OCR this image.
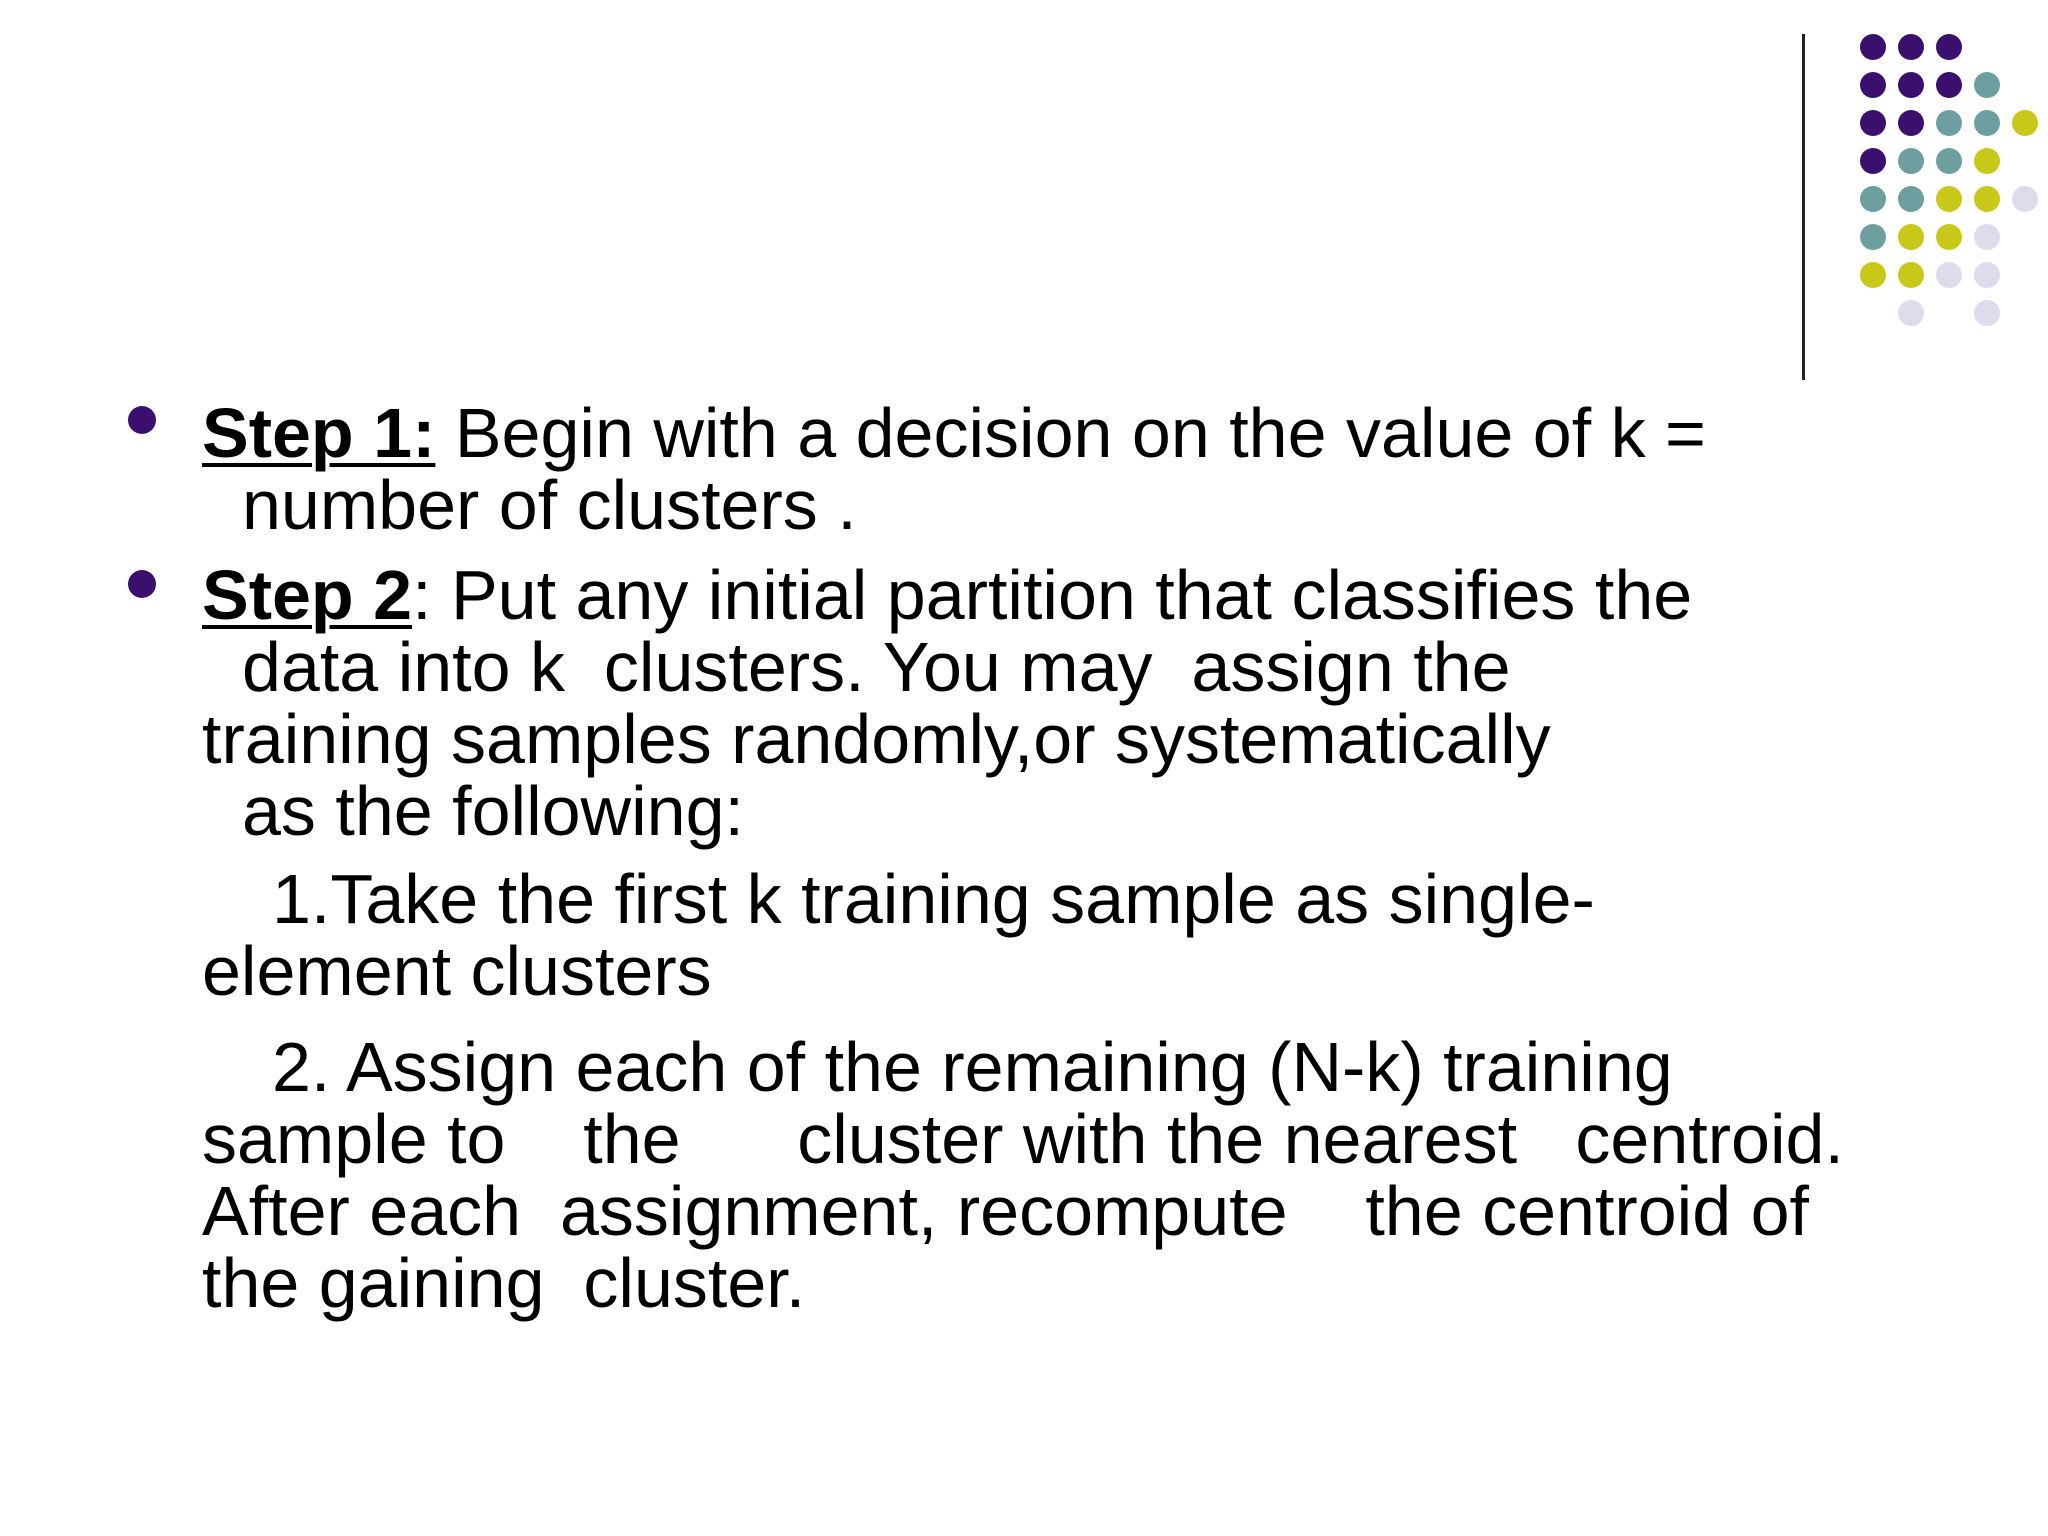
Step 1: Begin with a decision on the value of k =
number of clusters .
Step 2: Put any initial partition that classifies the
data into k  clusters. You may  assign the
training samples randomly,or systematically
as the following:
1.Take the first k training sample as single-
element clusters
2. Assign each of the remaining (N-k) training
sample to    the      cluster with the nearest   centroid.
After each  assignment, recompute    the centroid of
the gaining  cluster.
